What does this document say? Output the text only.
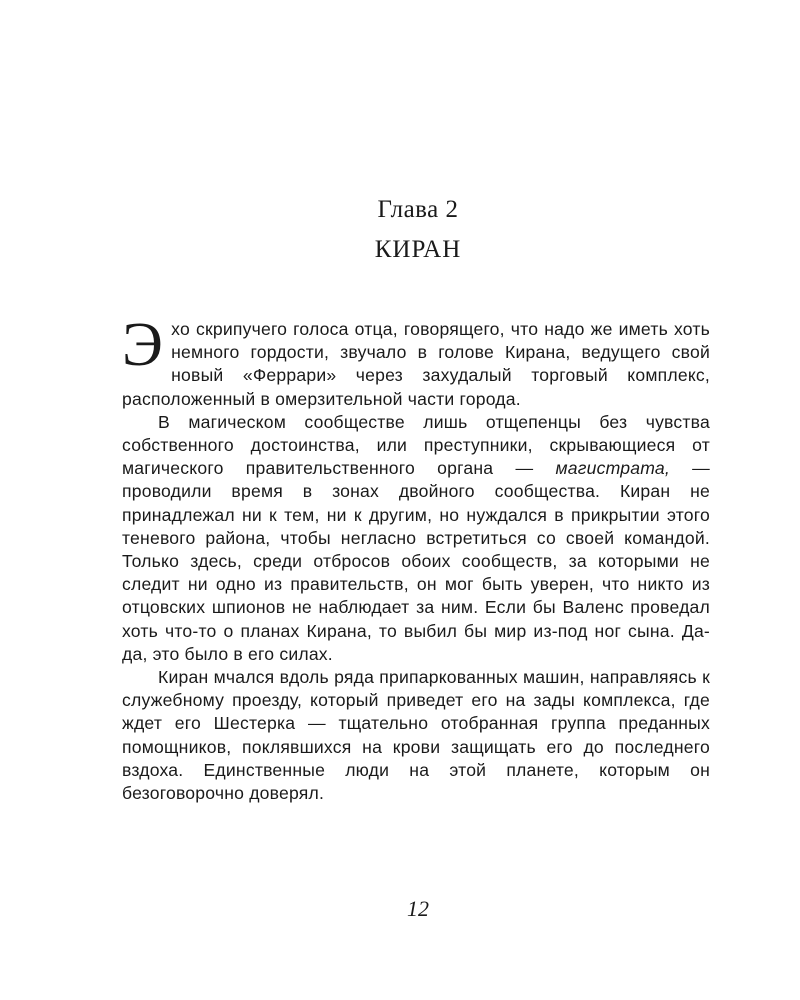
Глава 2
КИРАН

Эхо скрипучего голоса отца, говорящего, что надо же иметь хоть немного гордости, звучало в голове Кирана, ведущего свой новый «Феррари» через захудалый торговый комплекс, расположенный в омерзительной части города.

В магическом сообществе лишь отщепенцы без чувства собственного достоинства, или преступники, скрывающиеся от магического правительственного органа — магистрата, — проводили время в зонах двойного сообщества. Киран не принадлежал ни к тем, ни к другим, но нуждался в прикрытии этого теневого района, чтобы негласно встретиться со своей командой. Только здесь, среди отбросов обоих сообществ, за которыми не следит ни одно из правительств, он мог быть уверен, что никто из отцовских шпионов не наблюдает за ним. Если бы Валенс проведал хоть что-то о планах Кирана, то выбил бы мир из-под ног сына. Да-да, это было в его силах.

Киран мчался вдоль ряда припаркованных машин, направляясь к служебному проезду, который приведет его на зады комплекса, где ждет его Шестерка — тщательно отобранная группа преданных помощников, поклявшихся на крови защищать его до последнего вздоха. Единственные люди на этой планете, которым он безоговорочно доверял.

12
